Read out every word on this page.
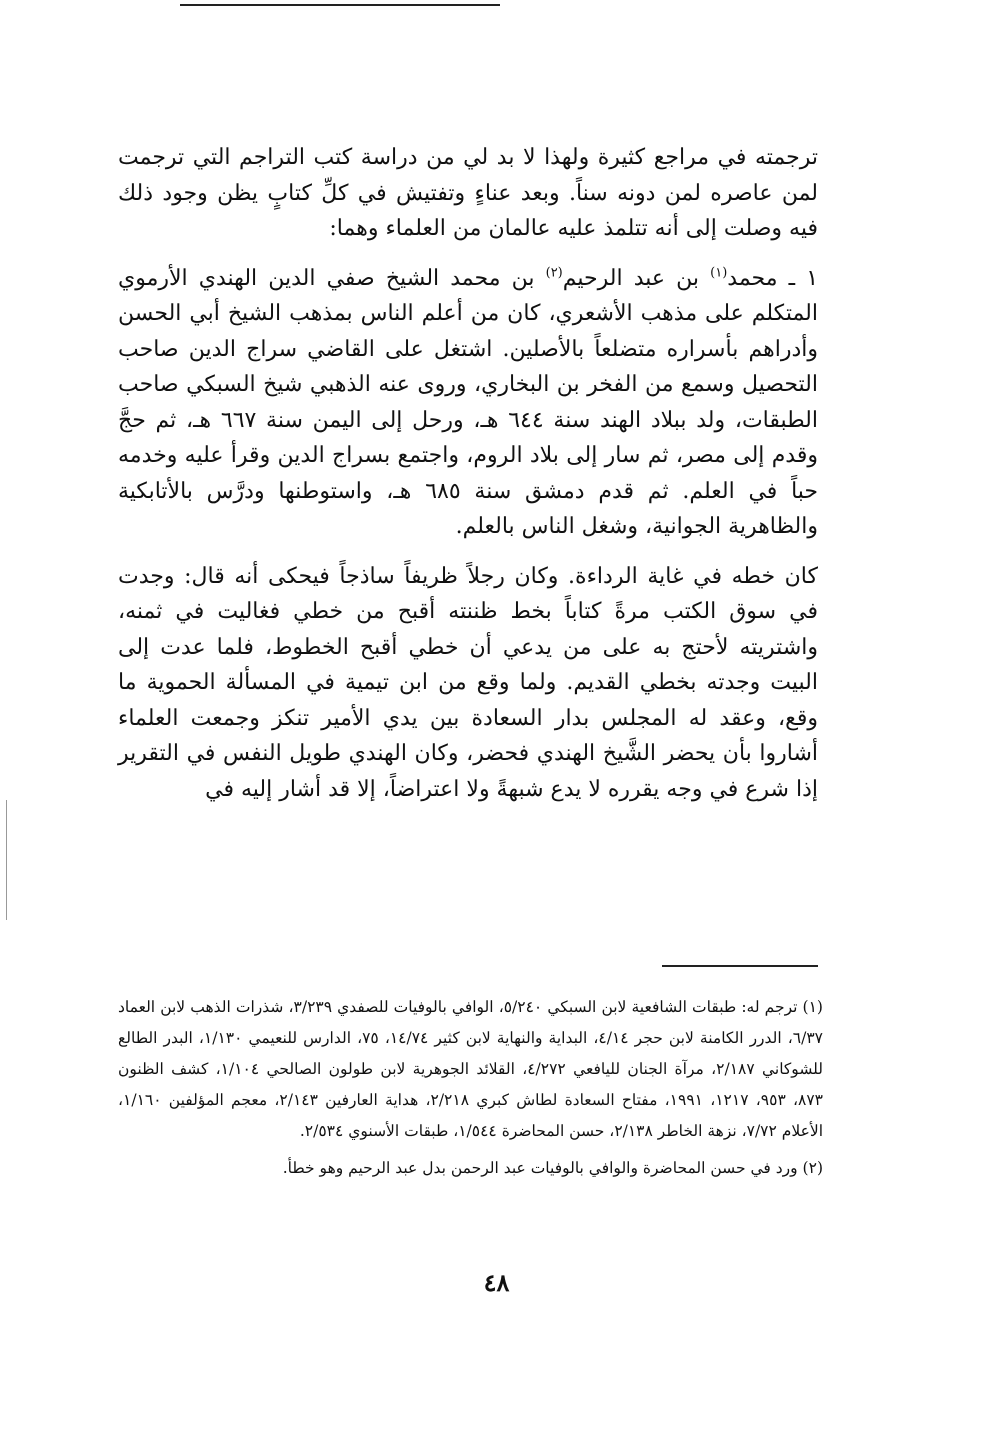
ترجمته في مراجع كثيرة ولهذا لا بد لي من دراسة كتب التراجم التي ترجمت لمن عاصره لمن دونه سناً. وبعد عناءٍ وتفتيش في كلِّ كتابٍ يظن وجود ذلك فيه وصلت إلى أنه تتلمذ عليه عالمان من العلماء وهما:

١ ـ محمد$^{(١)}$ بن عبد الرحيم$^{(٢)}$ بن محمد الشيخ صفي الدين الهندي الأرموي المتكلم على مذهب الأشعري، كان من أعلم الناس بمذهب الشيخ أبي الحسن وأدراهم بأسراره متضلعاً بالأصلين. اشتغل على القاضي سراج الدين صاحب التحصيل وسمع من الفخر بن البخاري، وروى عنه الذهبي شيخ السبكي صاحب الطبقات، ولد ببلاد الهند سنة ٦٤٤ هـ، ورحل إلى اليمن سنة ٦٦٧ هـ، ثم حجَّ وقدم إلى مصر، ثم سار إلى بلاد الروم، واجتمع بسراج الدين وقرأ عليه وخدمه حباً في العلم. ثم قدم دمشق سنة ٦٨٥ هـ، واستوطنها ودرَّس بالأتابكية والظاهرية الجوانية، وشغل الناس بالعلم.

كان خطه في غاية الرداءة. وكان رجلاً ظريفاً ساذجاً فيحكى أنه قال: وجدت في سوق الكتب مرةً كتاباً بخط ظننته أقبح من خطي فغاليت في ثمنه، واشتريته لأحتج به على من يدعي أن خطي أقبح الخطوط، فلما عدت إلى البيت وجدته بخطي القديم. ولما وقع من ابن تيمية في المسألة الحموية ما وقع، وعقد له المجلس بدار السعادة بين يدي الأمير تنكز وجمعت العلماء أشاروا بأن يحضر الشَّيخ الهندي فحضر، وكان الهندي طويل النفس في التقرير إذا شرع في وجه يقرره لا يدع شبهةً ولا اعتراضاً، إلا قد أشار إليه في

(١) ترجم له: طبقات الشافعية لابن السبكي ٥/٢٤٠، الوافي بالوفيات للصفدي ٣/٢٣٩، شذرات الذهب لابن العماد ٦/٣٧، الدرر الكامنة لابن حجر ٤/١٤، البداية والنهاية لابن كثير ١٤/٧٤، ٧٥، الدارس للنعيمي ١/١٣٠، البدر الطالع للشوكاني ٢/١٨٧، مرآة الجنان لليافعي ٤/٢٧٢، القلائد الجوهرية لابن طولون الصالحي ١/١٠٤، كشف الظنون ٨٧٣، ٩٥٣، ١٢١٧، ١٩٩١، مفتاح السعادة لطاش كبري ٢/٢١٨، هداية العارفين ٢/١٤٣، معجم المؤلفين ١/١٦٠، الأعلام ٧/٧٢، نزهة الخاطر ٢/١٣٨، حسن المحاضرة ١/٥٤٤، طبقات الأسنوي ٢/٥٣٤.

(٢) ورد في حسن المحاضرة والوافي بالوفيات عبد الرحمن بدل عبد الرحيم وهو خطأ.

٤٨
